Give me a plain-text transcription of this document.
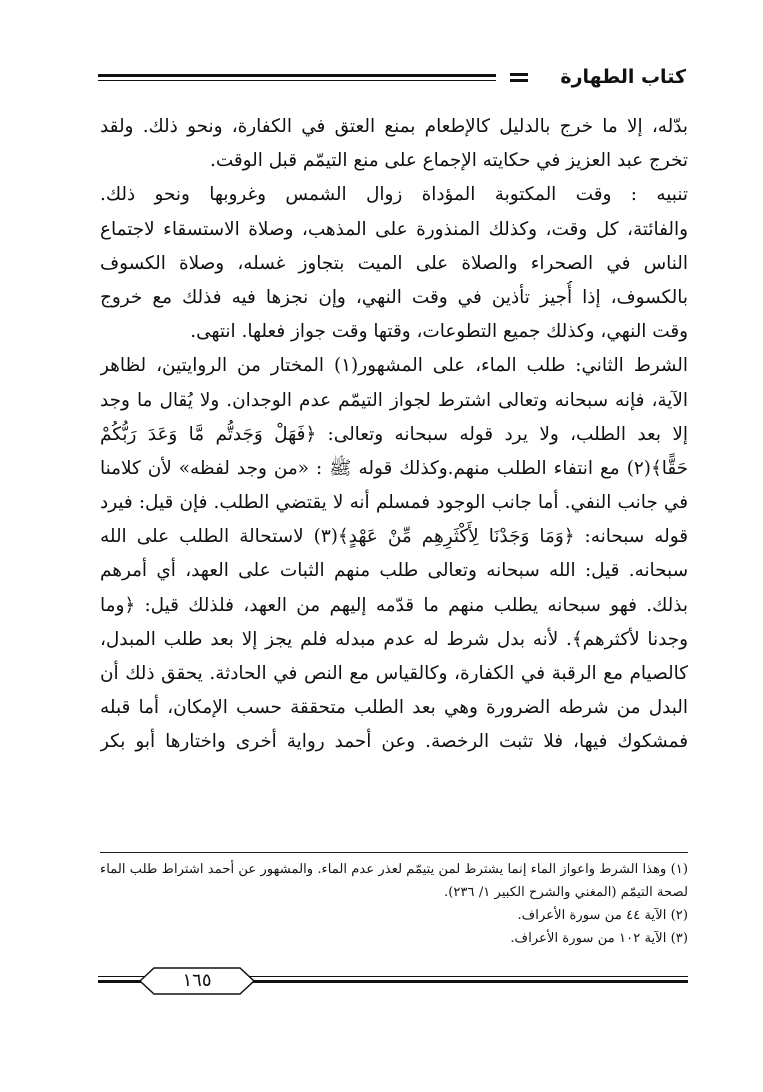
كتاب الطهارة
بدّله، إلا ما خرج بالدليل كالإطعام بمنع العتق في الكفارة، ونحو ذلك. ولقد
تخرج عبد العزيز في حكايته الإجماع على منع التيمّم قبل الوقت.
تنبيه : وقت المكتوبة المؤداة زوال الشمس وغروبها ونحو ذلك.
والفائتة، كل وقت، وكذلك المنذورة على المذهب، وصلاة الاستسقاء لاجتماع
الناس في الصحراء والصلاة على الميت بتجاوز غسله، وصلاة الكسوف
بالكسوف، إذا أُجيز تأذين في وقت النهي، وإن نجزها فيه فذلك مع خروج
وقت النهي، وكذلك جميع التطوعات، وقتها وقت جواز فعلها. انتهى.
الشرط الثاني: طلب الماء، على المشهور(١) المختار من الروايتين، لظاهر
الآية، فإنه سبحانه وتعالى اشترط لجواز التيمّم عدم الوجدان. ولا يُقال ما وجد
إلا بعد الطلب، ولا يرد قوله سبحانه وتعالى: ﴿فَهَلْ وَجَدتُّم مَّا وَعَدَ رَبُّكُمْ
حَقًّا﴾(٢) مع انتفاء الطلب منهم.وكذلك قوله ﷺ : «من وجد لفظه» لأن كلامنا
في جانب النفي. أما جانب الوجود فمسلم أنه لا يقتضي الطلب. فإن قيل: فيرد
قوله سبحانه: ﴿وَمَا وَجَدْنَا لِأَكْثَرِهِم مِّنْ عَهْدٍ﴾(٣) لاستحالة الطلب على الله
سبحانه. قيل: الله سبحانه وتعالى طلب منهم الثبات على العهد، أي أمرهم
بذلك. فهو سبحانه يطلب منهم ما قدّمه إليهم من العهد، فلذلك قيل: ﴿وما
وجدنا لأكثرهم﴾. لأنه بدل شرط له عدم مبدله فلم يجز إلا بعد طلب المبدل،
كالصيام مع الرقبة في الكفارة، وكالقياس مع النص في الحادثة. يحقق ذلك أن
البدل من شرطه الضرورة وهي بعد الطلب متحققة حسب الإمكان، أما قبله
فمشكوك فيها، فلا تثبت الرخصة. وعن أحمد رواية أخرى واختارها أبو بكر
(١) وهذا الشرط واعواز الماء إنما يشترط لمن يتيمّم لعذر عدم الماء. والمشهور عن أحمد اشتراط طلب الماء
لصحة التيمّم (المغني والشرح الكبير ١/ ٢٣٦).
(٢) الآية ٤٤ من سورة الأعراف.
(٣) الآية ١٠٢ من سورة الأعراف.
١٦٥
